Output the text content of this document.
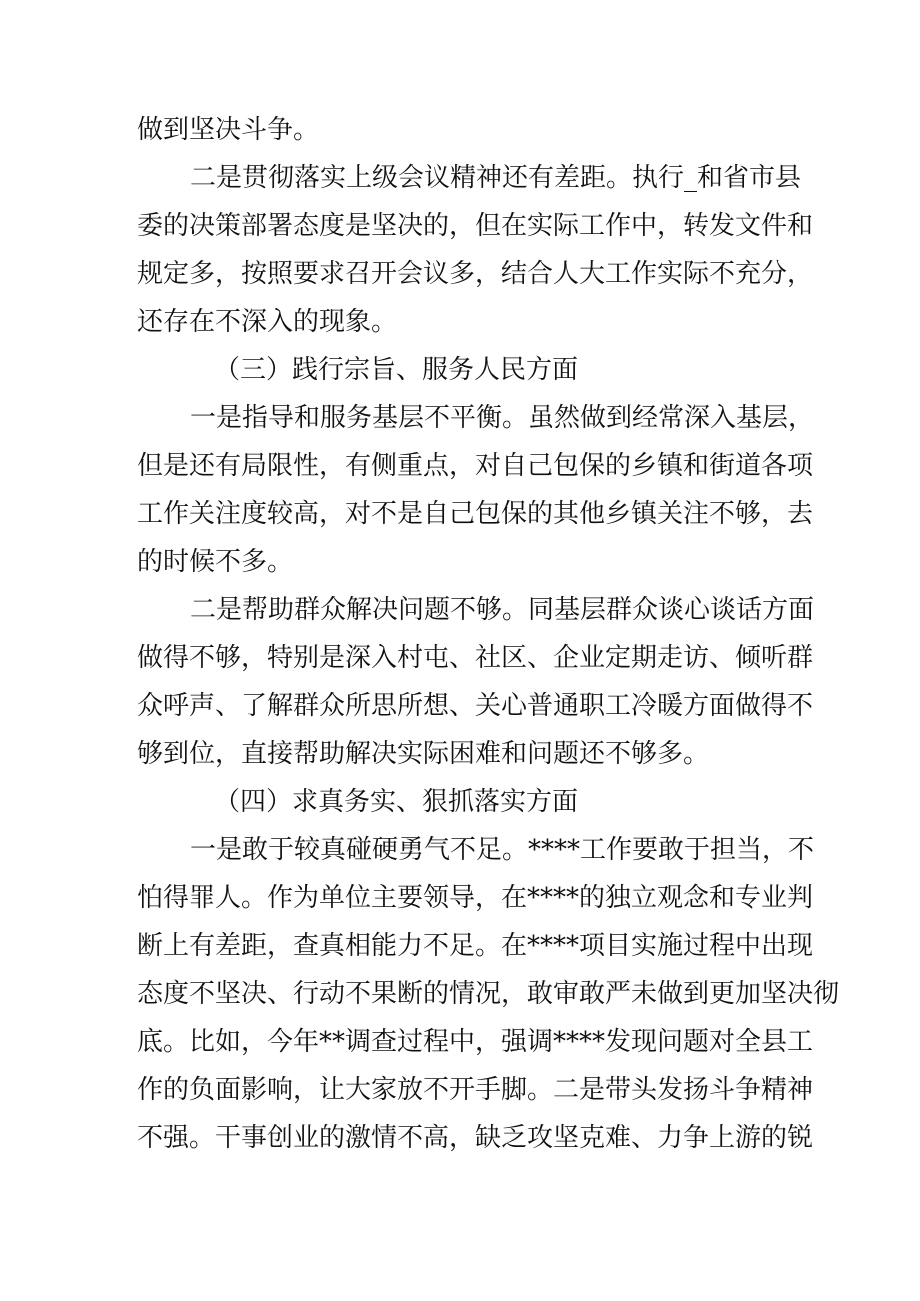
做到坚决斗争。
二是贯彻落实上级会议精神还有差距。执行_和省市县
委的决策部署态度是坚决的，但在实际工作中，转发文件和
规定多，按照要求召开会议多，结合人大工作实际不充分，
还存在不深入的现象。
（三）践行宗旨、服务人民方面
一是指导和服务基层不平衡。虽然做到经常深入基层，
但是还有局限性，有侧重点，对自己包保的乡镇和街道各项
工作关注度较高，对不是自己包保的其他乡镇关注不够，去
的时候不多。
二是帮助群众解决问题不够。同基层群众谈心谈话方面
做得不够，特别是深入村屯、社区、企业定期走访、倾听群
众呼声、了解群众所思所想、关心普通职工冷暖方面做得不
够到位，直接帮助解决实际困难和问题还不够多。
（四）求真务实、狠抓落实方面
一是敢于较真碰硬勇气不足。****工作要敢于担当，不
怕得罪人。作为单位主要领导，在****的独立观念和专业判
断上有差距，查真相能力不足。在****项目实施过程中出现
态度不坚决、行动不果断的情况，敢审敢严未做到更加坚决彻
底。比如，今年**调查过程中，强调****发现问题对全县工
作的负面影响，让大家放不开手脚。二是带头发扬斗争精神
不强。干事创业的激情不高，缺乏攻坚克难、力争上游的锐
